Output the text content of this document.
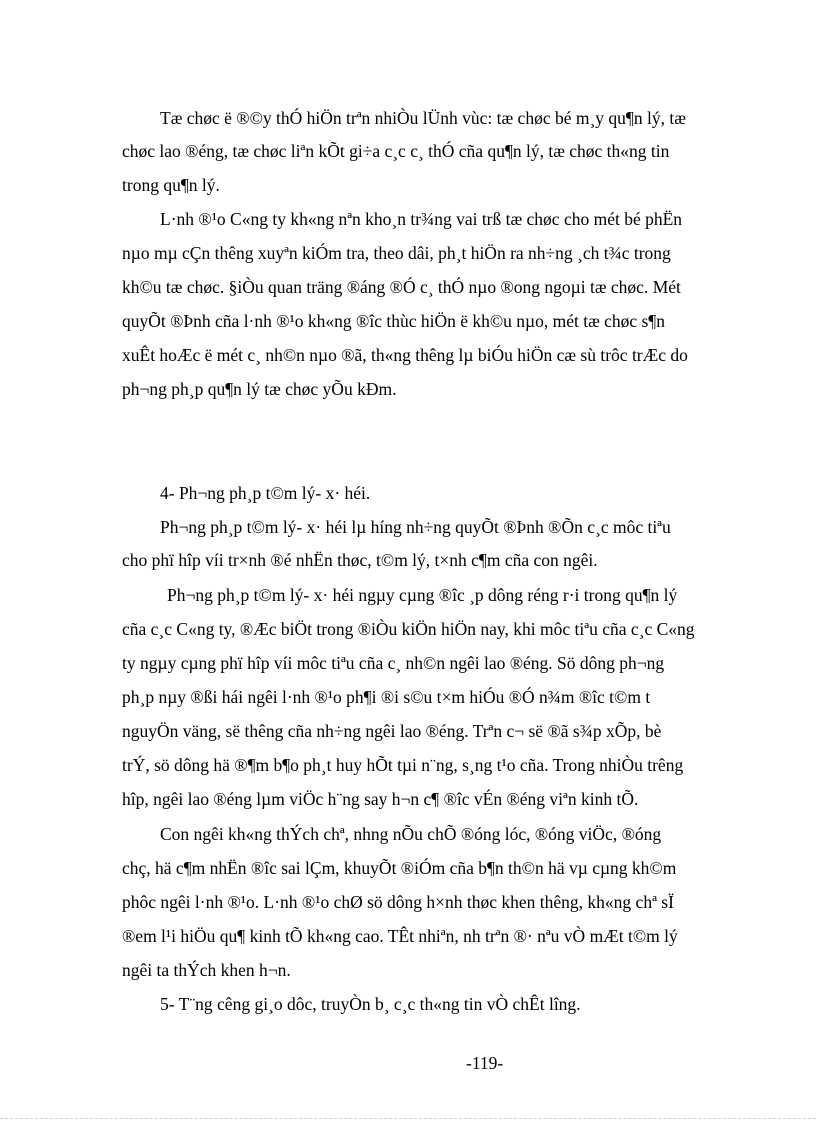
Tæ chøc ë ®©y thÓ hiÖn trªn nhiÒu lÜnh vùc: tæ chøc bé m¸y qu¶n lý, tæ
chøc lao ®éng, tæ chøc liªn kÕt gi÷a c¸c c¸ thÓ cña qu¶n lý, tæ chøc th«ng tin
trong qu¶n lý.
L·nh ®¹o C«ng ty kh«ng nªn kho¸n tr¾ng vai trß tæ chøc cho mét bé phËn
nµo mµ cÇn thêng xuyªn kiÓm tra, theo dâi, ph¸t hiÖn ra nh÷ng ¸ch t¾c trong
kh©u tæ chøc. §iÒu quan träng ®áng ®Ó c¸ thÓ nµo ®ong ngoµi tæ chøc. Mét
quyÕt ®Þnh cña l·nh ®¹o kh«ng ®îc thùc hiÖn ë kh©u nµo, mét tæ chøc s¶n
xuÊt hoÆc ë mét c¸ nh©n nµo ®ã, th«ng thêng lµ biÓu hiÖn cæ sù trôc trÆc do
ph¬ng ph¸p qu¶n lý tæ chøc yÕu kÐm.
4- Ph¬ng ph¸p t©m lý- x· héi.
Ph¬ng ph¸p t©m lý- x· héi lµ híng nh÷ng quyÕt ®Þnh ®Õn c¸c môc tiªu
cho phï hîp víi tr×nh ®é nhËn thøc, t©m lý, t×nh c¶m cña con ngêi.
Ph¬ng ph¸p t©m lý- x· héi ngµy cµng ®îc ¸p dông réng r·i trong qu¶n lý
cña c¸c C«ng ty, ®Æc biÖt trong ®iÒu kiÖn hiÖn nay, khi môc tiªu cña c¸c C«ng
ty ngµy cµng phï hîp víi môc tiªu cña c¸ nh©n ngêi lao ®éng. Sö dông ph¬ng
ph¸p nµy ®ßi hái ngêi l·nh ®¹o ph¶i ®i s©u t×m hiÓu ®Ó n¾m ®îc t©m t
nguyÖn väng, së thêng cña nh÷ng ngêi lao ®éng. Trªn c¬ së ®ã s¾p xÕp, bè
trÝ, sö dông hä ®¶m b¶o ph¸t huy hÕt tµi n¨ng, s¸ng t¹o cña. Trong nhiÒu trêng
hîp, ngêi lao ®éng lµm viÖc h¨ng say h¬n c¶ ®îc vÉn ®éng viªn kinh tÕ.
Con ngêi kh«ng thÝch chª, nhng nÕu chÕ ®óng lóc, ®óng viÖc, ®óng
chç, hä c¶m nhËn ®îc sai lÇm, khuyÕt ®iÓm cña b¶n th©n hä vµ cµng kh©m
phôc ngêi l·nh ®¹o. L·nh ®¹o chØ sö dông h×nh thøc khen thêng, kh«ng chª sÏ
®em l¹i hiÖu qu¶ kinh tÕ kh«ng cao. TÊt nhiªn, nh trªn ®· nªu vÒ mÆt t©m lý
ngêi ta thÝch khen h¬n.
5- T¨ng cêng gi¸o dôc, truyÒn b¸ c¸c th«ng tin vÒ chÊt lîng.
-119-
